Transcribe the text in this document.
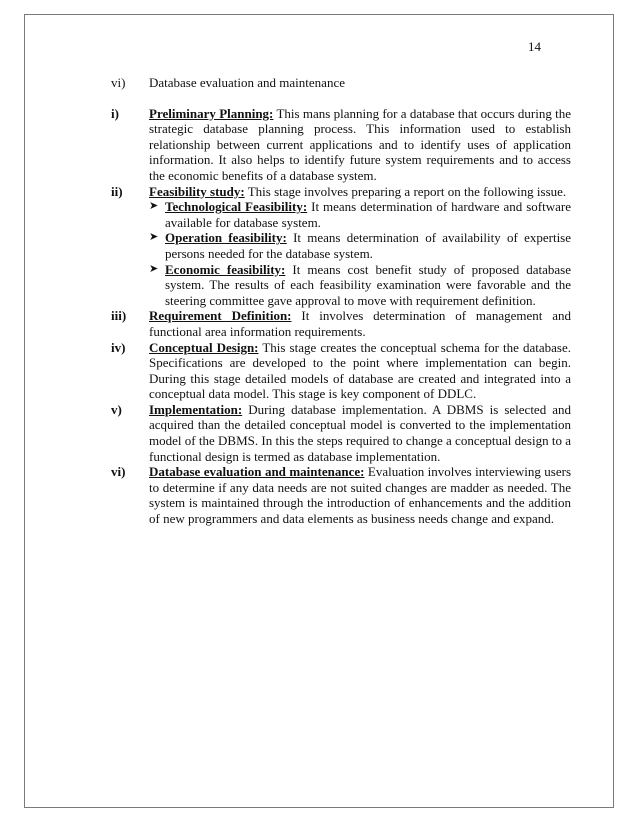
14
vi)	Database evaluation and maintenance
i)	Preliminary Planning: This mans planning for a database that occurs during the strategic database planning process. This information used to establish relationship between current applications and to identify uses of application information. It also helps to identify future system requirements and to access the economic benefits of a database system.
ii)	Feasibility study: This stage involves preparing a report on the following issue.
➤ Technological Feasibility: It means determination of hardware and software available for database system.
➤ Operation feasibility: It means determination of availability of expertise persons needed for the database system.
➤ Economic feasibility: It means cost benefit study of proposed database system. The results of each feasibility examination were favorable and the steering committee gave approval to move with requirement definition.
iii)	Requirement Definition: It involves determination of management and functional area information requirements.
iv)	Conceptual Design: This stage creates the conceptual schema for the database. Specifications are developed to the point where implementation can begin. During this stage detailed models of database are created and integrated into a conceptual data model. This stage is key component of DDLC.
v)	Implementation: During database implementation. A DBMS is selected and acquired than the detailed conceptual model is converted to the implementation model of the DBMS. In this the steps required to change a conceptual design to a functional design is termed as database implementation.
vi)	Database evaluation and maintenance: Evaluation involves interviewing users to determine if any data needs are not suited changes are madder as needed. The system is maintained through the introduction of enhancements and the addition of new programmers and data elements as business needs change and expand.
